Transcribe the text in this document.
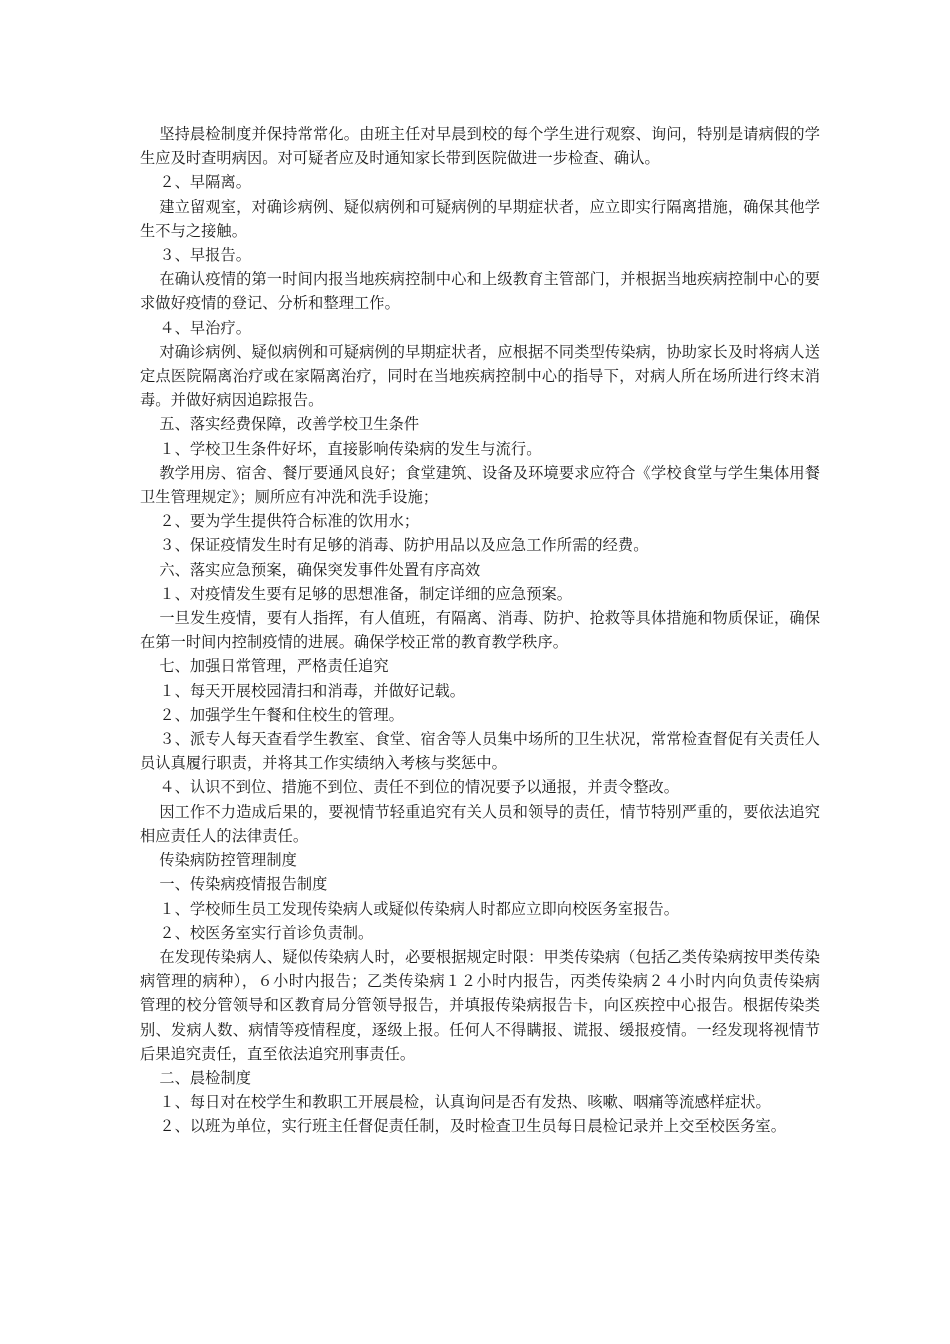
坚持晨检制度并保持常常化。由班主任对早晨到校的每个学生进行观察、询问，特别是请病假的学生应及时查明病因。对可疑者应及时通知家长带到医院做进一步检查、确认。

２、早隔离。

建立留观室，对确诊病例、疑似病例和可疑病例的早期症状者，应立即实行隔离措施，确保其他学生不与之接触。

３、早报告。

在确认疫情的第一时间内报当地疾病控制中心和上级教育主管部门，并根据当地疾病控制中心的要求做好疫情的登记、分析和整理工作。

４、早治疗。

对确诊病例、疑似病例和可疑病例的早期症状者，应根据不同类型传染病，协助家长及时将病人送定点医院隔离治疗或在家隔离治疗，同时在当地疾病控制中心的指导下，对病人所在场所进行终末消毒。并做好病因追踪报告。

五、落实经费保障，改善学校卫生条件

１、学校卫生条件好坏，直接影响传染病的发生与流行。

教学用房、宿舍、餐厅要通风良好；食堂建筑、设备及环境要求应符合《学校食堂与学生集体用餐卫生管理规定》；厕所应有冲洗和洗手设施；

２、要为学生提供符合标准的饮用水；

３、保证疫情发生时有足够的消毒、防护用品以及应急工作所需的经费。

六、落实应急预案，确保突发事件处置有序高效

１、对疫情发生要有足够的思想准备，制定详细的应急预案。

一旦发生疫情，要有人指挥，有人值班，有隔离、消毒、防护、抢救等具体措施和物质保证，确保在第一时间内控制疫情的进展。确保学校正常的教育教学秩序。

七、加强日常管理，严格责任追究

１、每天开展校园清扫和消毒，并做好记载。

２、加强学生午餐和住校生的管理。

３、派专人每天查看学生教室、食堂、宿舍等人员集中场所的卫生状况，常常检查督促有关责任人员认真履行职责，并将其工作实绩纳入考核与奖惩中。

４、认识不到位、措施不到位、责任不到位的情况要予以通报，并责令整改。

因工作不力造成后果的，要视情节轻重追究有关人员和领导的责任，情节特别严重的，要依法追究相应责任人的法律责任。

传染病防控管理制度

一、传染病疫情报告制度

１、学校师生员工发现传染病人或疑似传染病人时都应立即向校医务室报告。

２、校医务室实行首诊负责制。

在发现传染病人、疑似传染病人时，必要根据规定时限：甲类传染病（包括乙类传染病按甲类传染病管理的病种），６小时内报告；乙类传染病１２小时内报告，丙类传染病２４小时内向负责传染病管理的校分管领导和区教育局分管领导报告，并填报传染病报告卡，向区疾控中心报告。根据传染类别、发病人数、病情等疫情程度，逐级上报。任何人不得瞒报、谎报、缓报疫情。一经发现将视情节后果追究责任，直至依法追究刑事责任。

二、晨检制度

１、每日对在校学生和教职工开展晨检，认真询问是否有发热、咳嗽、咽痛等流感样症状。

２、以班为单位，实行班主任督促责任制，及时检查卫生员每日晨检记录并上交至校医务室。
